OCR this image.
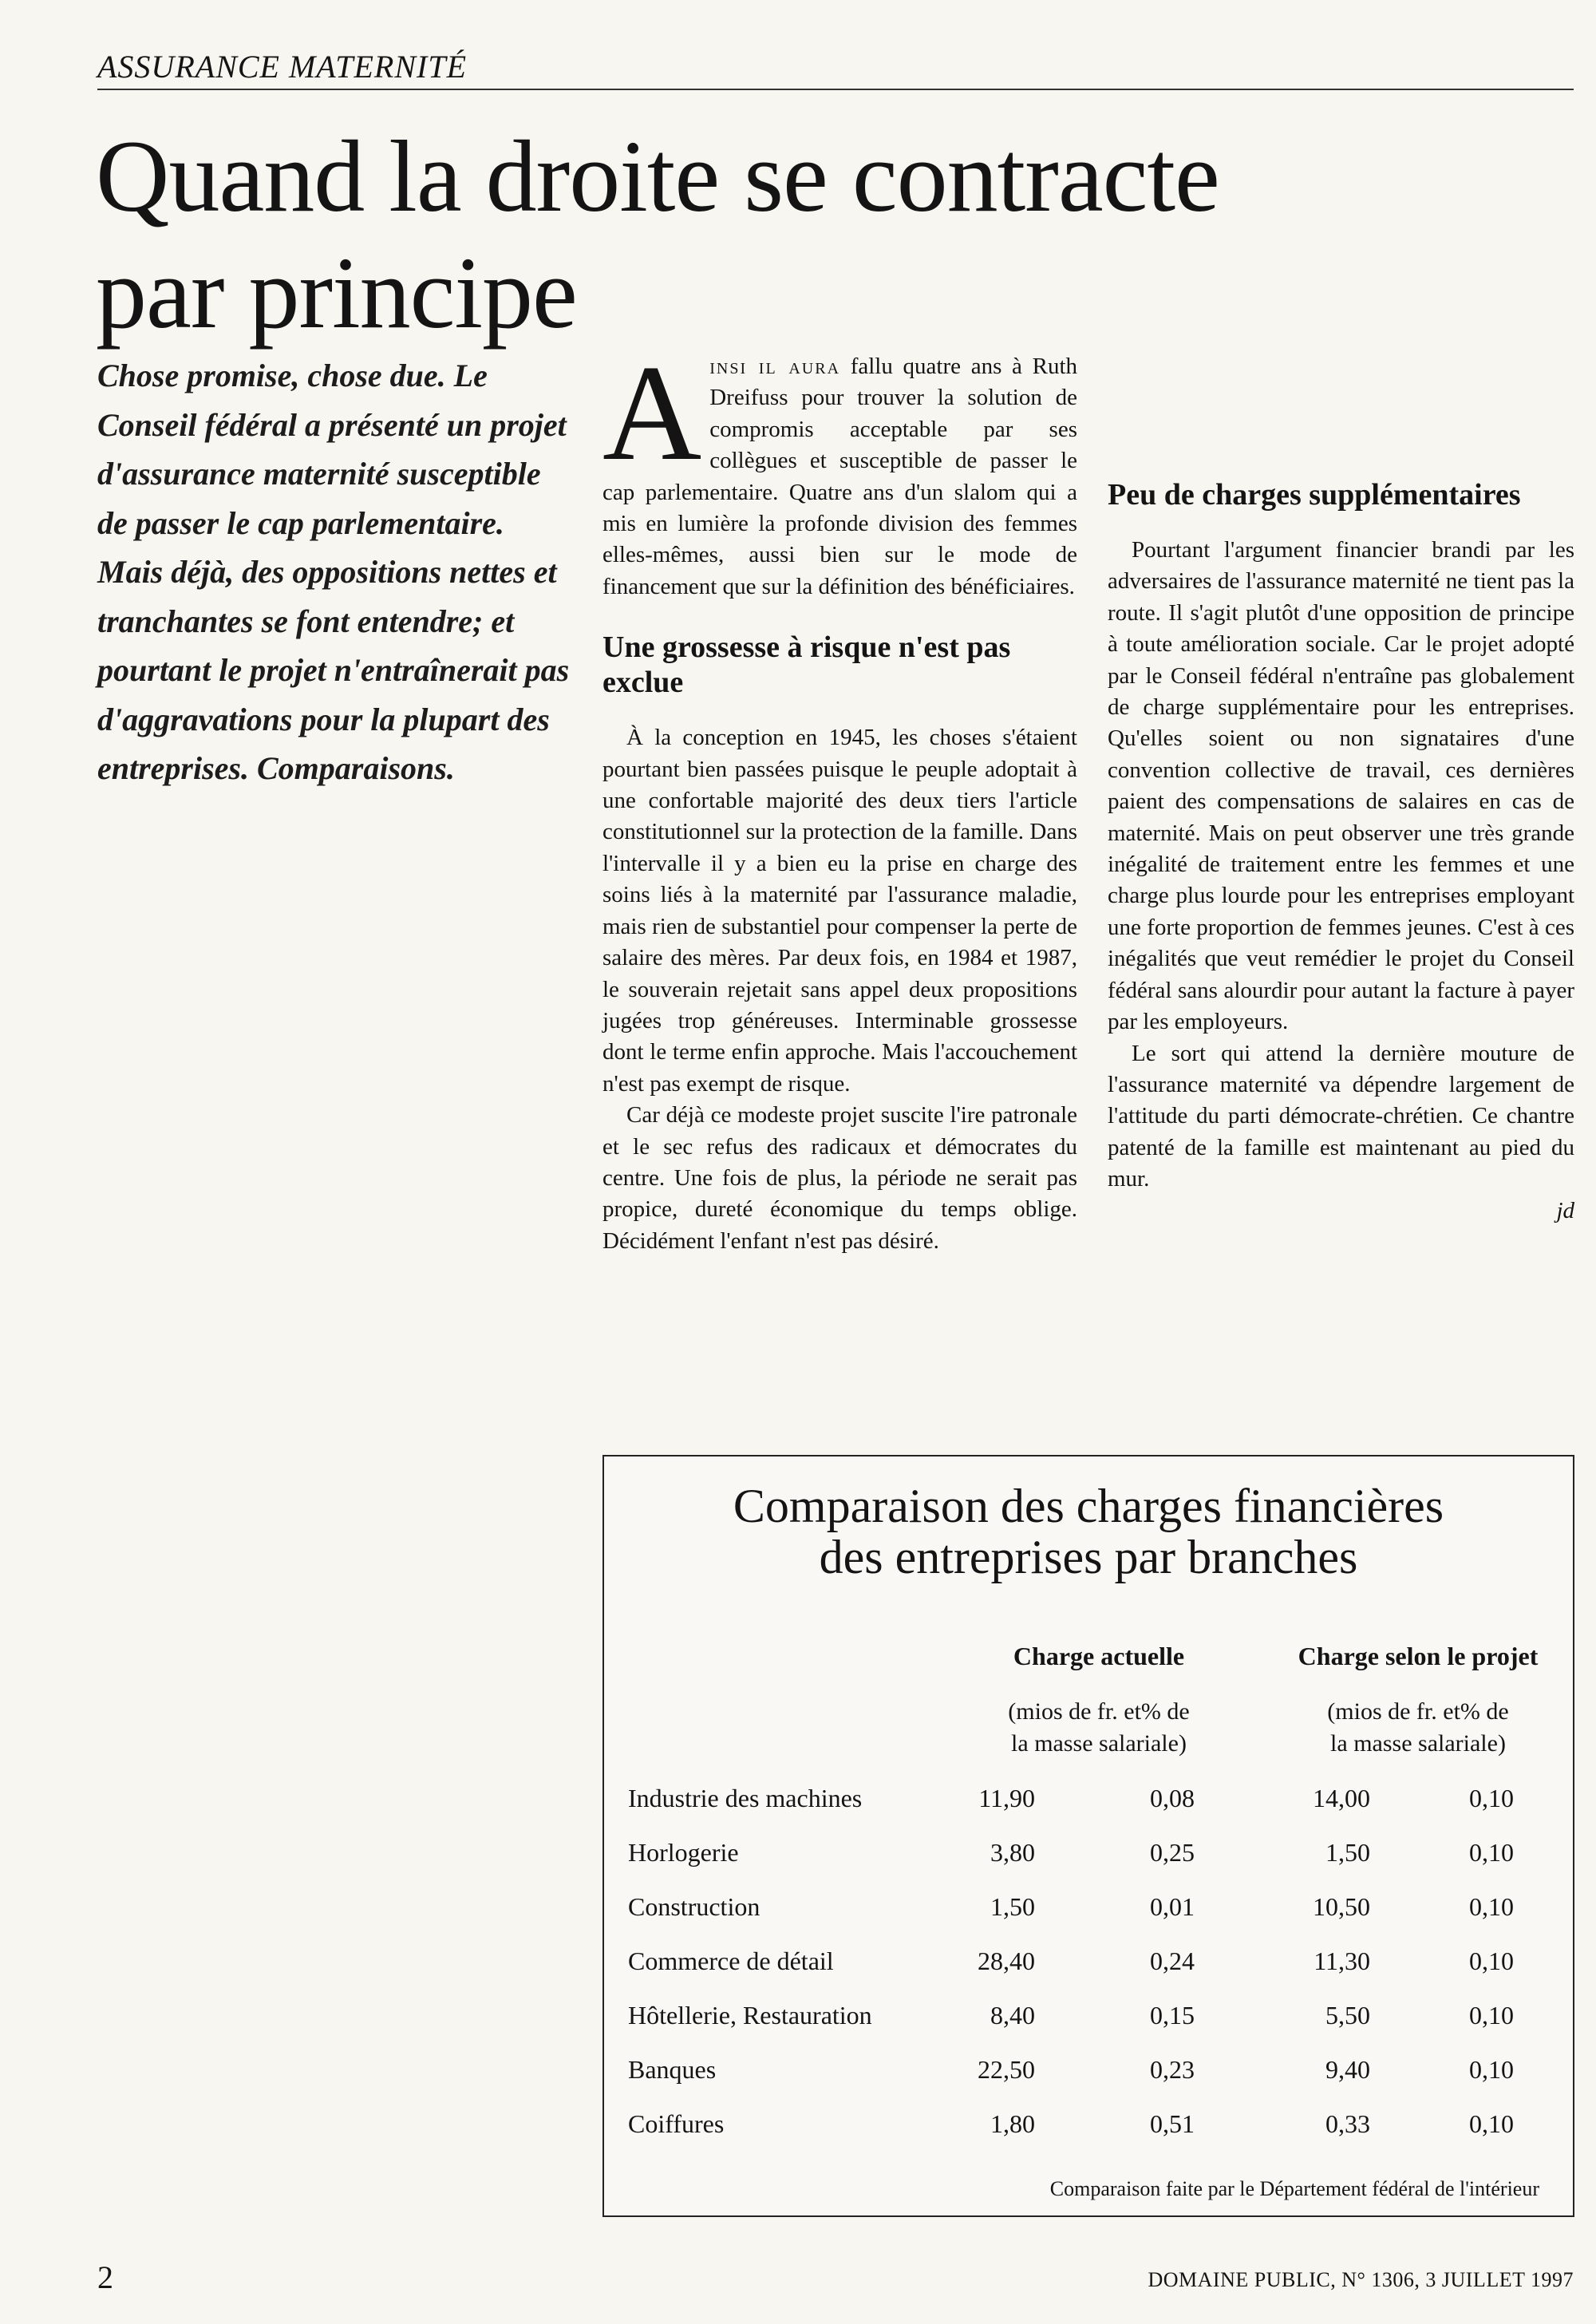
ASSURANCE MATERNITÉ
Quand la droite se contracte
par principe
Chose promise, chose due. Le Conseil fédéral a présenté un projet d'assurance maternité susceptible de passer le cap parlementaire. Mais déjà, des oppositions nettes et tranchantes se font entendre; et pourtant le projet n'entraînerait pas d'aggravations pour la plupart des entreprises. Comparaisons.

Ainsi il aura fallu quatre ans à Ruth Dreifuss pour trouver la solution de compromis acceptable par ses collègues et susceptible de passer le cap parlementaire. Quatre ans d'un slalom qui a mis en lumière la profonde division des femmes elles-mêmes, aussi bien sur le mode de financement que sur la définition des bénéficiaires.

Une grossesse à risque n'est pas exclue

À la conception en 1945, les choses s'étaient pourtant bien passées puisque le peuple adoptait à une confortable majorité des deux tiers l'article constitutionnel sur la protection de la famille. Dans l'intervalle il y a bien eu la prise en charge des soins liés à la maternité par l'assurance maladie, mais rien de substantiel pour compenser la perte de salaire des mères. Par deux fois, en 1984 et 1987, le souverain rejetait sans appel deux propositions jugées trop généreuses. Interminable grossesse dont le terme enfin approche. Mais l'accouchement n'est pas exempt de risque.

Car déjà ce modeste projet suscite l'ire patronale et le sec refus des radicaux et démocrates du centre. Une fois de plus, la période ne serait pas propice, dureté économique du temps oblige. Décidément l'enfant n'est pas désiré.

Peu de charges supplémentaires

Pourtant l'argument financier brandi par les adversaires de l'assurance maternité ne tient pas la route. Il s'agit plutôt d'une opposition de principe à toute amélioration sociale. Car le projet adopté par le Conseil fédéral n'entraîne pas globalement de charge supplémentaire pour les entreprises. Qu'elles soient ou non signataires d'une convention collective de travail, ces dernières paient des compensations de salaires en cas de maternité. Mais on peut observer une très grande inégalité de traitement entre les femmes et une charge plus lourde pour les entreprises employant une forte proportion de femmes jeunes. C'est à ces inégalités que veut remédier le projet du Conseil fédéral sans alourdir pour autant la facture à payer par les employeurs.

Le sort qui attend la dernière mouture de l'assurance maternité va dépendre largement de l'attitude du parti démocrate-chrétien. Ce chantre patenté de la famille est maintenant au pied du mur.

jd
Comparaison des charges financières
des entreprises par branches
Charge actuelle	Charge selon le projet
(mios de fr. et% de
la masse salariale)
(mios de fr. et% de
la masse salariale)
Industrie des machines	11,90	0,08	14,00	0,10
Horlogerie	3,80	0,25	1,50	0,10
Construction	1,50	0,01	10,50	0,10
Commerce de détail	28,40	0,24	11,30	0,10
Hôtellerie, Restauration	8,40	0,15	5,50	0,10
Banques	22,50	0,23	9,40	0,10
Coiffures	1,80	0,51	0,33	0,10
Comparaison faite par le Département fédéral de l'intérieur
2	DOMAINE PUBLIC, N° 1306, 3 JUILLET 1997
